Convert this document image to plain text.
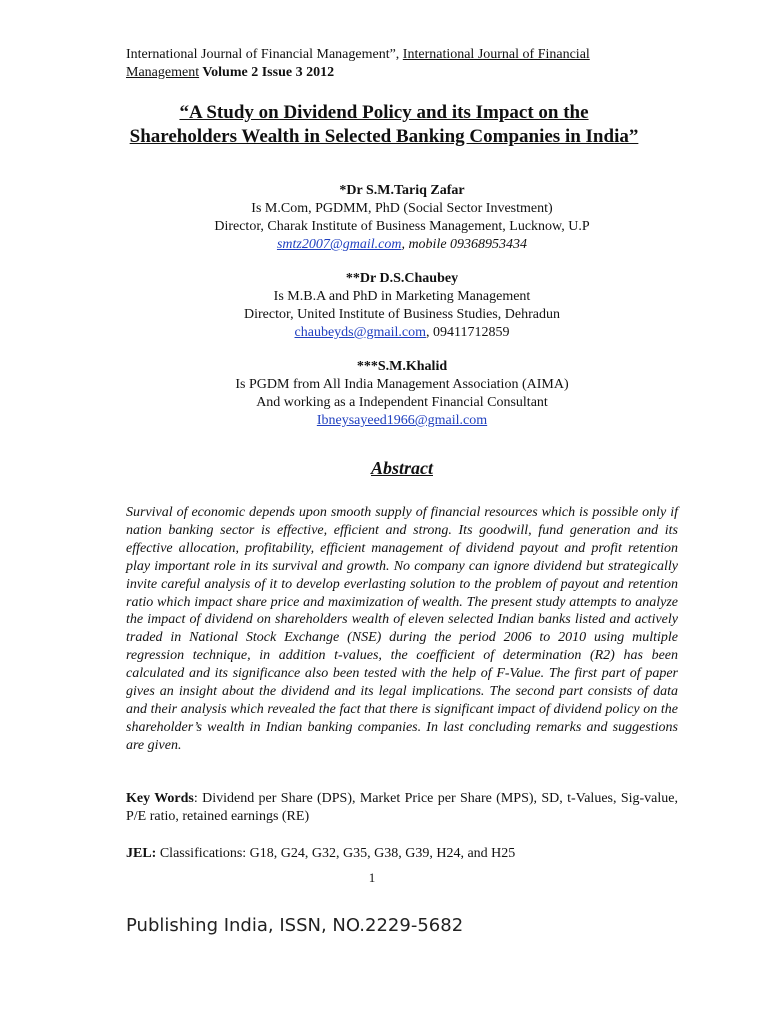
International Journal of Financial Management”, International Journal of Financial
Management Volume 2 Issue 3 2012
“A Study on Dividend Policy and its Impact on the
Shareholders Wealth in Selected Banking Companies in India”
*Dr S.M.Tariq Zafar
Is M.Com, PGDMM, PhD (Social Sector Investment)
Director, Charak Institute of Business Management, Lucknow, U.P
smtz2007@gmail.com, mobile 09368953434
**Dr D.S.Chaubey
Is M.B.A and PhD in Marketing Management
Director, United Institute of Business Studies, Dehradun
chaubeyds@gmail.com, 09411712859
***S.M.Khalid
Is PGDM from All India Management Association (AIMA)
And working as a Independent Financial Consultant
Ibneysayeed1966@gmail.com
Abstract
Survival of economic depends upon smooth supply of financial resources which is possible only if nation banking sector is effective, efficient and strong. Its goodwill, fund generation and its effective allocation, profitability, efficient management of dividend payout and profit retention play important role in its survival and growth. No company can ignore dividend but strategically invite careful analysis of it to develop everlasting solution to the problem of payout and retention ratio which impact share price and maximization of wealth. The present study attempts to analyze the impact of dividend on shareholders wealth of eleven selected Indian banks listed and actively traded in National Stock Exchange (NSE) during the period 2006 to 2010 using multiple regression technique, in addition t-values, the coefficient of determination (R2) has been calculated and its significance also been tested with the help of F-Value. The first part of paper gives an insight about the dividend and its legal implications. The second part consists of data and their analysis which revealed the fact that there is significant impact of dividend policy on the shareholder’s wealth in Indian banking companies. In last concluding remarks and suggestions are given.
Key Words: Dividend per Share (DPS), Market Price per Share (MPS), SD, t-Values, Sig-value, P/E ratio, retained earnings (RE)
JEL: Classifications: G18, G24, G32, G35, G38, G39, H24, and H25
1
Publishing India, ISSN, NO.2229-5682
